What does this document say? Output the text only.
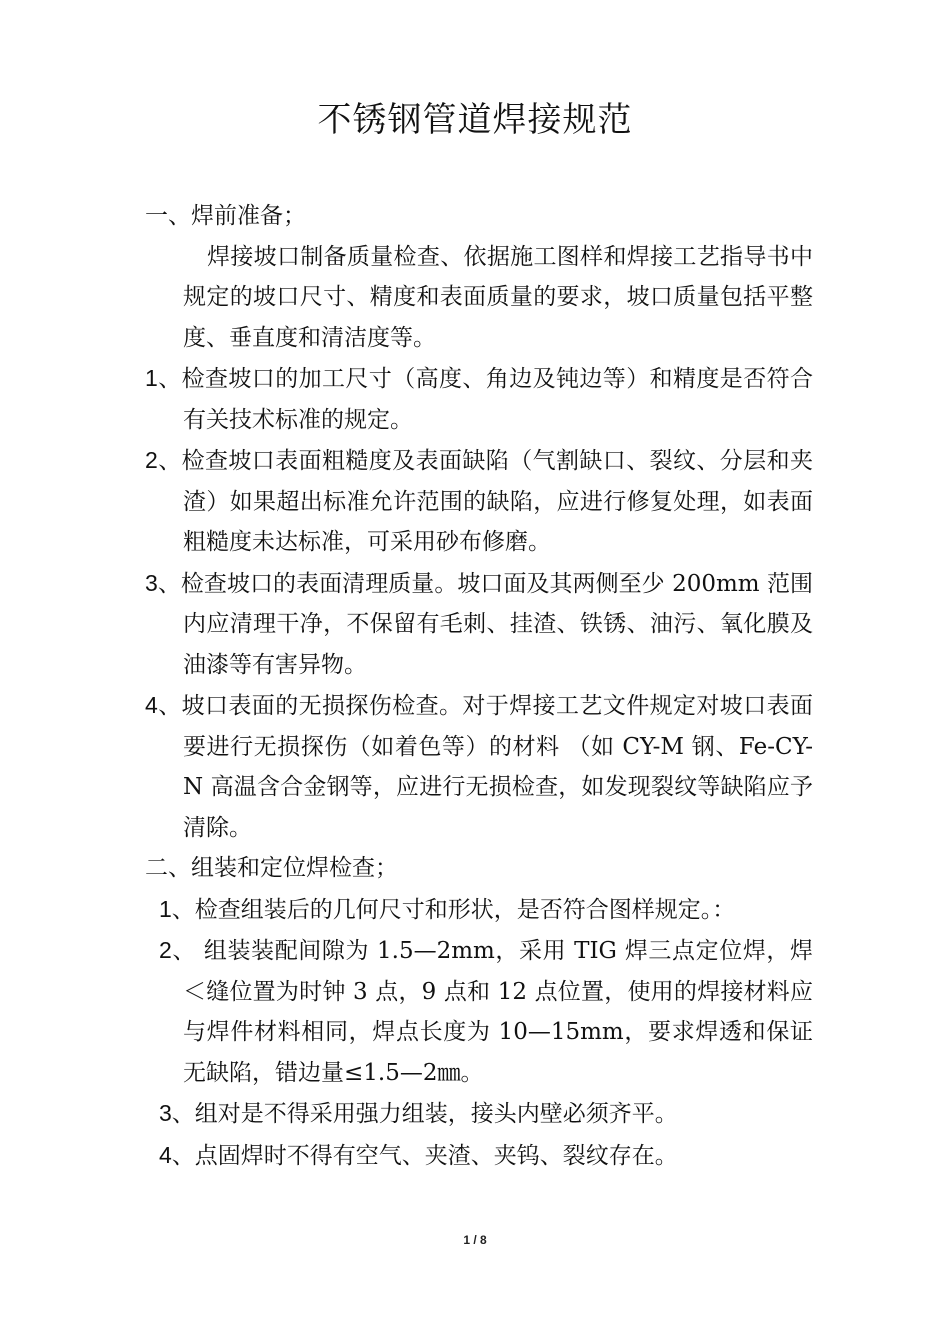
不锈钢管道焊接规范

一、焊前准备；

焊接坡口制备质量检查、依据施工图样和焊接工艺指导书中规定的坡口尺寸、精度和表面质量的要求，坡口质量包括平整度、垂直度和清洁度等。

1、检查坡口的加工尺寸（高度、角边及钝边等）和精度是否符合有关技术标准的规定。

2、检查坡口表面粗糙度及表面缺陷（气割缺口、裂纹、分层和夹渣）如果超出标准允许范围的缺陷，应进行修复处理，如表面粗糙度未达标准，可采用砂布修磨。

3、检查坡口的表面清理质量。坡口面及其两侧至少 200mm 范围内应清理干净，不保留有毛刺、挂渣、铁锈、油污、氧化膜及油漆等有害异物。

4、坡口表面的无损探伤检查。对于焊接工艺文件规定对坡口表面要进行无损探伤（如着色等）的材料 （如 CY-M 钢、Fe-CY-N 高温含合金钢等，应进行无损检查，如发现裂纹等缺陷应予清除。

二、组装和定位焊检查；

1、检查组装后的几何尺寸和形状，是否符合图样规定。：

2、 组装装配间隙为 1.5—2mm，采用 TIG 焊三点定位焊，焊＜缝位置为时钟 3 点，9 点和 12 点位置，使用的焊接材料应与焊件材料相同，焊点长度为 10—15mm，要求焊透和保证无缺陷，错边量≤1.5—2㎜。

3、组对是不得采用强力组装，接头内壁必须齐平。

4、点固焊时不得有空气、夹渣、夹钨、裂纹存在。

1 / 8
